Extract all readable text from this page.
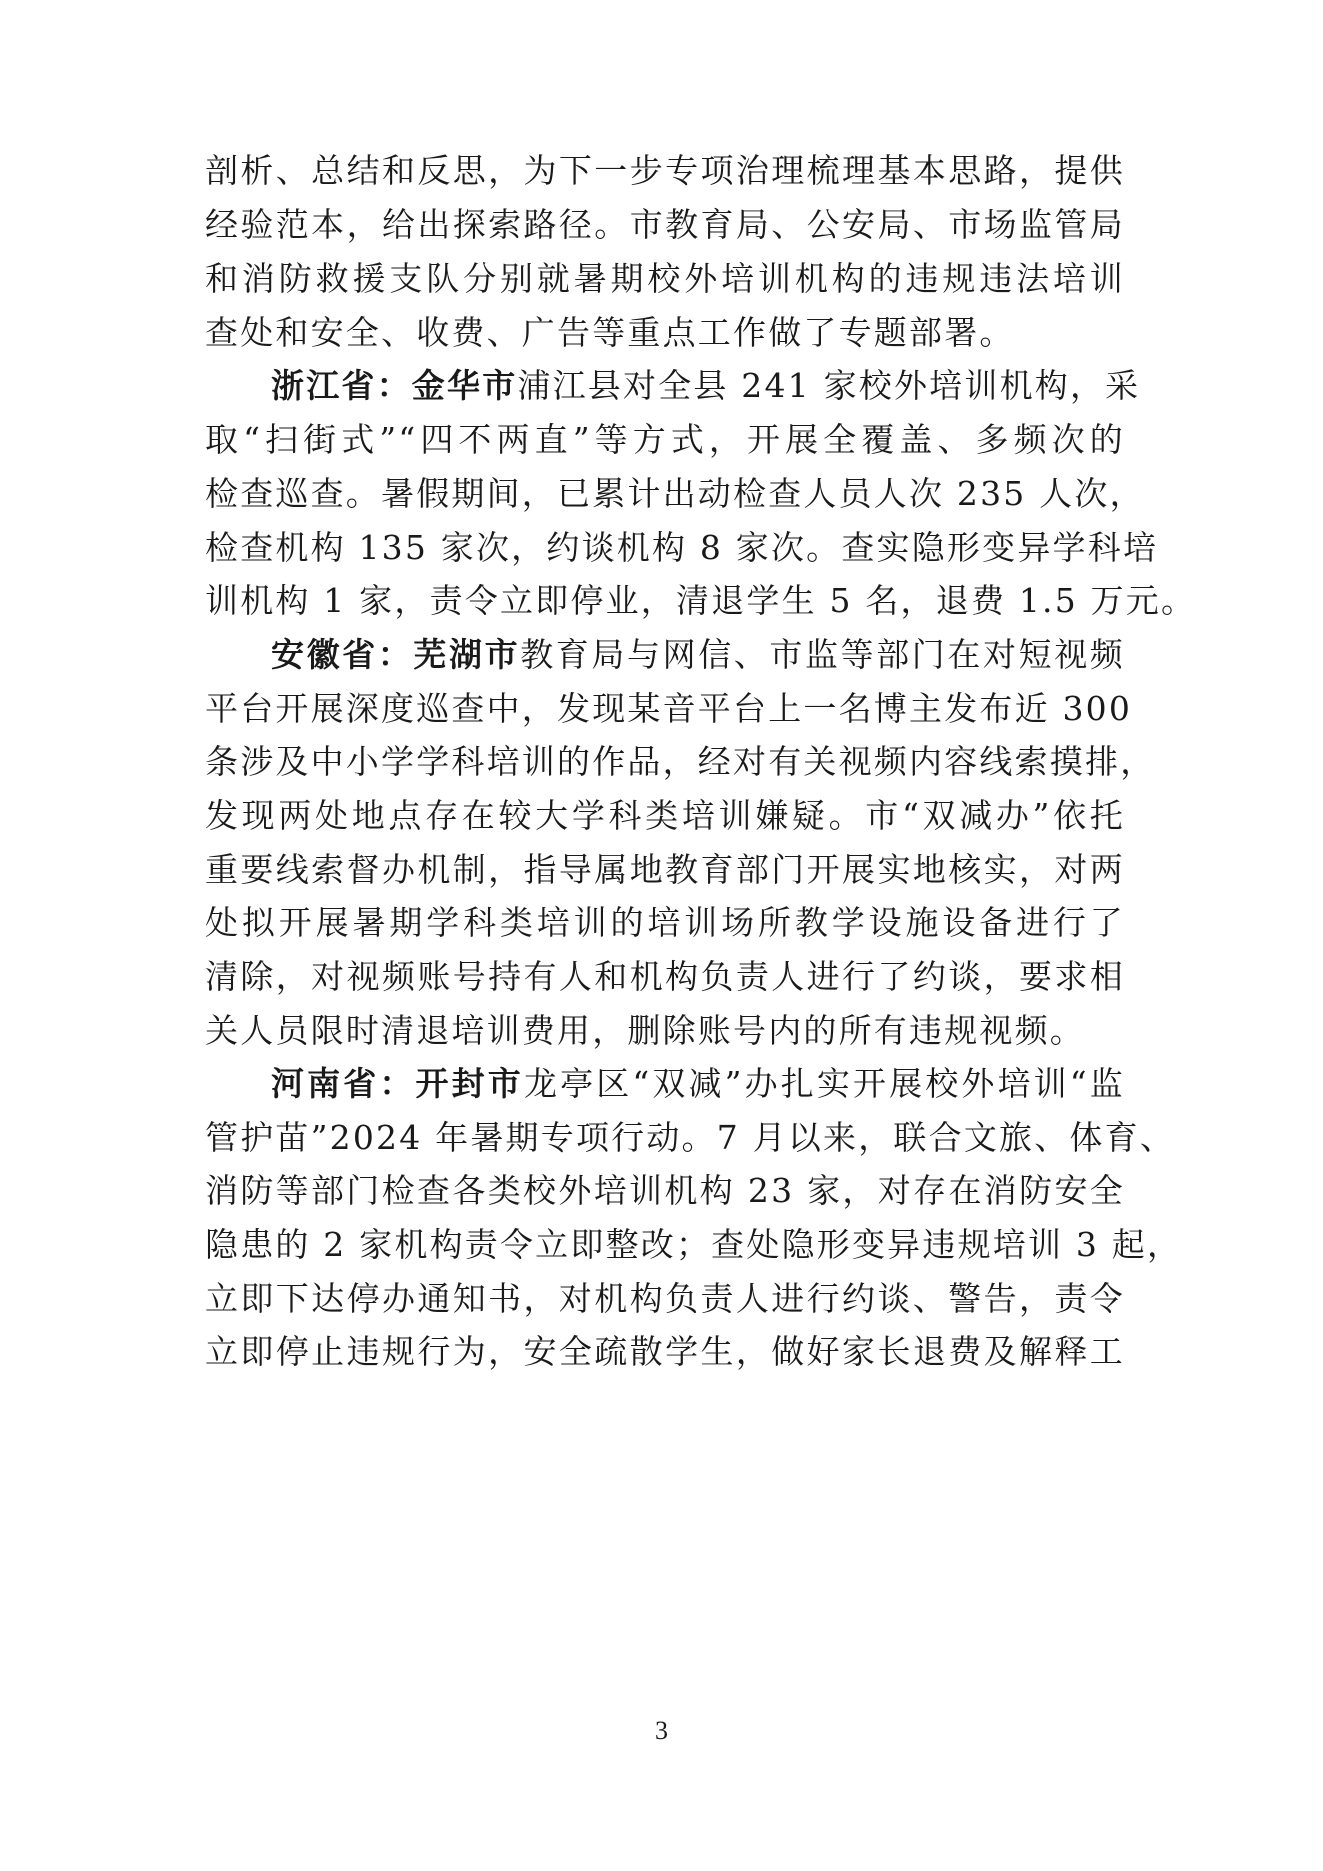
剖析、总结和反思，为下一步专项治理梳理基本思路，提供
经验范本，给出探索路径。市教育局、公安局、市场监管局
和消防救援支队分别就暑期校外培训机构的违规违法培训
查处和安全、收费、广告等重点工作做了专题部署。
浙江省：金华市浦江县对全县 241 家校外培训机构，采
取“扫街式”“四不两直”等方式，开展全覆盖、多频次的
检查巡查。暑假期间，已累计出动检查人员人次 235 人次，
检查机构 135 家次，约谈机构 8 家次。查实隐形变异学科培
训机构 1 家，责令立即停业，清退学生 5 名，退费 1.5 万元。
安徽省：芜湖市教育局与网信、市监等部门在对短视频
平台开展深度巡查中，发现某音平台上一名博主发布近 300
条涉及中小学学科培训的作品，经对有关视频内容线索摸排，
发现两处地点存在较大学科类培训嫌疑。市“双减办”依托
重要线索督办机制，指导属地教育部门开展实地核实，对两
处拟开展暑期学科类培训的培训场所教学设施设备进行了
清除，对视频账号持有人和机构负责人进行了约谈，要求相
关人员限时清退培训费用，删除账号内的所有违规视频。
河南省：开封市龙亭区“双减”办扎实开展校外培训“监
管护苗”2024 年暑期专项行动。7 月以来，联合文旅、体育、
消防等部门检查各类校外培训机构 23 家，对存在消防安全
隐患的 2 家机构责令立即整改；查处隐形变异违规培训 3 起，
立即下达停办通知书，对机构负责人进行约谈、警告，责令
立即停止违规行为，安全疏散学生，做好家长退费及解释工
3
